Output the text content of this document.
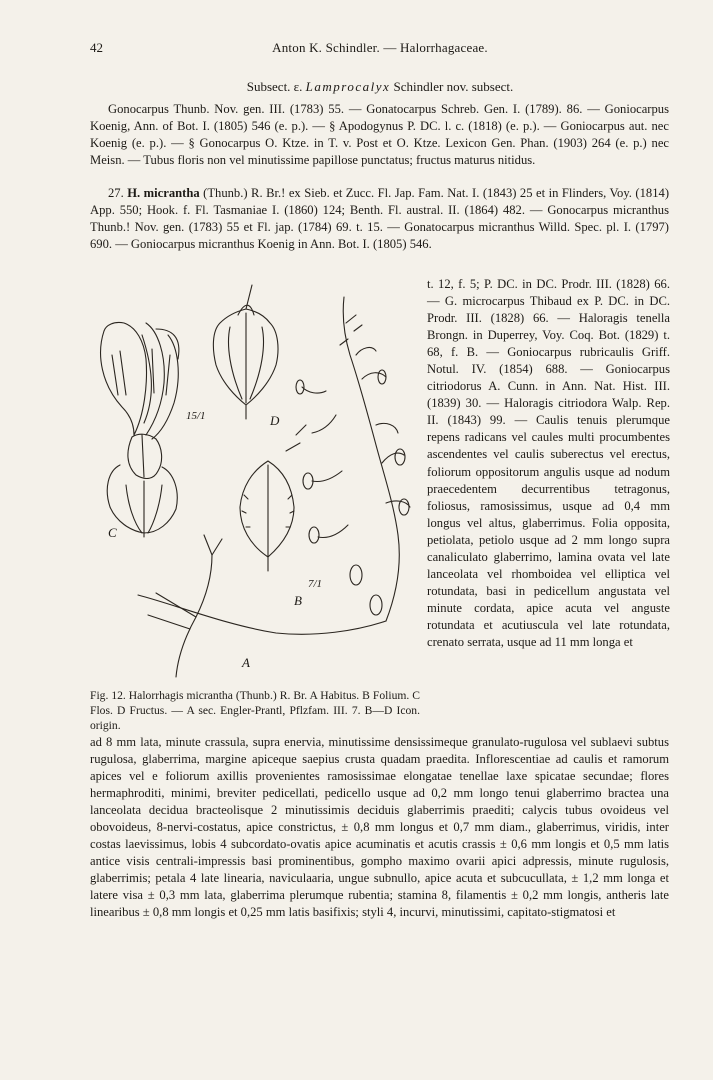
42	Anton K. Schindler. — Halorrhagaceae.
Subsect. ε. Lamprocalyx Schindler nov. subsect.

Gonocarpus Thunb. Nov. gen. III. (1783) 55. — Gonatocarpus Schreb. Gen. I. (1789). 86. — Goniocarpus Koenig, Ann. of Bot. I. (1805) 546 (e. p.). — § Apodogynus P. DC. l. c. (1818) (e. p.). — Goniocarpus aut. nec Koenig (e. p.). — § Gonocarpus O. Ktze. in T. v. Post et O. Ktze. Lexicon Gen. Phan. (1903) 264 (e. p.) nec Meisn. — Tubus floris non vel minutissime papillose punctatus; fructus maturus nitidus.

27. H. micrantha (Thunb.) R. Br.! ex Sieb. et Zucc. Fl. Jap. Fam. Nat. I. (1843) 25 et in Flinders, Voy. (1814) App. 550; Hook. f. Fl. Tasmaniae I. (1860) 124; Benth. Fl. austral. II. (1864) 482. — Gonocarpus micranthus Thunb.! Nov. gen. (1783) 55 et Fl. jap. (1784) 69. t. 15. — Gonatocarpus micranthus Willd. Spec. pl. I. (1797) 690. — Goniocarpus micranthus Koenig in Ann. Bot. I. (1805) 546.

t. 12, f. 5; P. DC. in DC. Prodr. III. (1828) 66. — G. microcarpus Thibaud ex P. DC. in DC. Prodr. III. (1828) 66. — Haloragis tenella Brongn. in Duperrey, Voy. Coq. Bot. (1829) t. 68, f. B. — Goniocarpus rubricaulis Griff. Notul. IV. (1854) 688. — Goniocarpus citriodorus A. Cunn. in Ann. Nat. Hist. III. (1839) 30. — Haloragis citriodora Walp. Rep. II. (1843) 99. — Caulis tenuis plerumque repens radicans vel caules multi procumbentes ascendentes vel caulis suberectus vel erectus, foliorum oppositorum angulis usque ad nodum praecedentem decurrentibus tetragonus, foliosus, ramosissimus, usque ad 0,4 mm longus vel altus, glaberrimus. Folia opposita, petiolata, petiolo usque ad 2 mm longo supra canaliculato glaberrimo, lamina ovata vel late lanceolata vel rhomboidea vel elliptica vel rotundata, basi in pedicellum angustata vel minute cordata, apice acuta vel anguste rotundata et acutiuscula vel late rotundata, crenato serrata, usque ad 11 mm longa et
C
D
B
A
15/1
7/1
Fig. 12. Halorrhagis micrantha (Thunb.) R. Br. A Habitus. B Folium. C Flos. D Fructus. — A sec. Engler-Prantl, Pflzfam. III. 7. B—D Icon. origin.
ad 8 mm lata, minute crassula, supra enervia, minutissime densissimeque granulato-rugulosa vel sublaevi subtus rugulosa, glaberrima, margine apiceque saepius crusta quadam praedita. Inflorescentiae ad caulis et ramorum apices vel e foliorum axillis provenientes ramosissimae elongatae tenellae laxe spicatae secundae; flores hermaphroditi, minimi, breviter pedicellati, pedicello usque ad 0,2 mm longo tenui glaberrimo bractea una lanceolata decidua bracteolisque 2 minutissimis deciduis glaberrimis praediti; calycis tubus ovoideus vel obovoideus, 8-nervi-costatus, apice constrictus, ± 0,8 mm longus et 0,7 mm diam., glaberrimus, viridis, inter costas laevissimus, lobis 4 subcordato-ovatis apice acuminatis et acutis crassis ± 0,6 mm longis et 0,5 mm latis antice visis centrali-impressis basi prominentibus, gompho maximo ovarii apici adpressis, minute rugulosis, glaberrimis; petala 4 late linearia, naviculaaria, ungue subnullo, apice acuta et subcucullata, ± 1,2 mm longa et latere visa ± 0,3 mm lata, glaberrima plerumque rubentia; stamina 8, filamentis ± 0,2 mm longis, antheris late linearibus ± 0,8 mm longis et 0,25 mm latis basifixis; styli 4, incurvi, minutissimi, capitato-stigmatosi et
